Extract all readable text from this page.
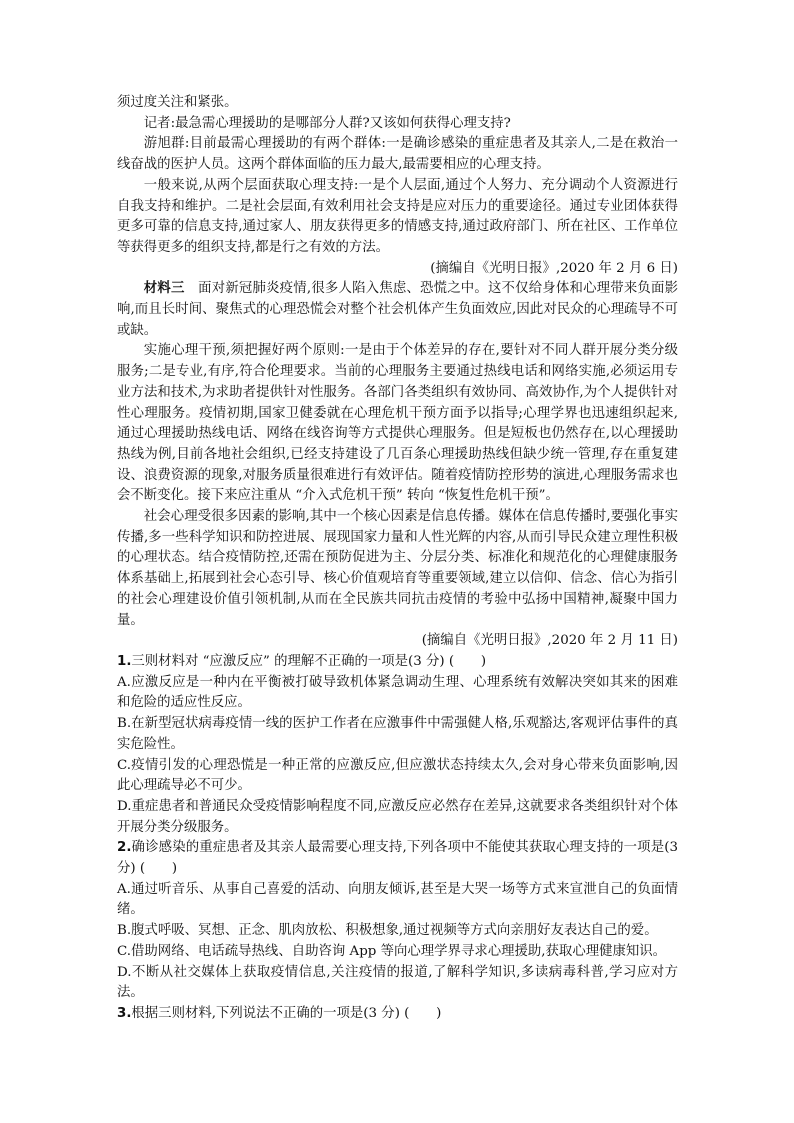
须过度关注和紧张。

记者:最急需心理援助的是哪部分人群?又该如何获得心理支持?

游旭群:目前最需心理援助的有两个群体:一是确诊感染的重症患者及其亲人,二是在救治一线奋战的医护人员。这两个群体面临的压力最大,最需要相应的心理支持。

一般来说,从两个层面获取心理支持:一是个人层面,通过个人努力、充分调动个人资源进行自我支持和维护。二是社会层面,有效利用社会支持是应对压力的重要途径。通过专业团体获得更多可靠的信息支持,通过家人、朋友获得更多的情感支持,通过政府部门、所在社区、工作单位等获得更多的组织支持,都是行之有效的方法。

(摘编自《光明日报》,2020 年 2 月 6 日)

材料三　 面对新冠肺炎疫情,很多人陷入焦虑、恐慌之中。这不仅给身体和心理带来负面影响,而且长时间、聚焦式的心理恐慌会对整个社会机体产生负面效应,因此对民众的心理疏导不可或缺。

实施心理干预,须把握好两个原则:一是由于个体差异的存在,要针对不同人群开展分类分级服务;二是专业,有序,符合伦理要求。当前的心理服务主要通过热线电话和网络实施,必须运用专业方法和技术,为求助者提供针对性服务。各部门各类组织有效协同、高效协作,为个人提供针对性心理服务。疫情初期,国家卫健委就在心理危机干预方面予以指导;心理学界也迅速组织起来,通过心理援助热线电话、网络在线咨询等方式提供心理服务。但是短板也仍然存在,以心理援助热线为例,目前各地社会组织,已经支持建设了几百条心理援助热线但缺少统一管理,存在重复建设、浪费资源的现象,对服务质量很难进行有效评估。随着疫情防控形势的演进,心理服务需求也会不断变化。接下来应注重从 “介入式危机干预” 转向 “恢复性危机干预”。

社会心理受很多因素的影响,其中一个核心因素是信息传播。媒体在信息传播时,要强化事实传播,多一些科学知识和防控进展、展现国家力量和人性光辉的内容,从而引导民众建立理性积极的心理状态。结合疫情防控,还需在预防促进为主、分层分类、标准化和规范化的心理健康服务体系基础上,拓展到社会心态引导、核心价值观培育等重要领域,建立以信仰、信念、信心为指引的社会心理建设价值引领机制,从而在全民族共同抗击疫情的考验中弘扬中国精神,凝聚中国力量。

(摘编自《光明日报》,2020 年 2 月 11 日)

1.三则材料对 “应激反应” 的理解不正确的一项是(3 分) (　　)

A.应激反应是一种内在平衡被打破导致机体紧急调动生理、心理系统有效解决突如其来的困难和危险的适应性反应。

B.在新型冠状病毒疫情一线的医护工作者在应激事件中需强健人格,乐观豁达,客观评估事件的真实危险性。

C.疫情引发的心理恐慌是一种正常的应激反应,但应激状态持续太久,会对身心带来负面影响,因此心理疏导必不可少。

D.重症患者和普通民众受疫情影响程度不同,应激反应必然存在差异,这就要求各类组织针对个体开展分类分级服务。

2.确诊感染的重症患者及其亲人最需要心理支持,下列各项中不能使其获取心理支持的一项是(3 分) (　　)

A.通过听音乐、从事自己喜爱的活动、向朋友倾诉,甚至是大哭一场等方式来宣泄自己的负面情绪。

B.腹式呼吸、冥想、正念、肌肉放松、积极想象,通过视频等方式向亲朋好友表达自己的爱。

C.借助网络、电话疏导热线、自助咨询 App 等向心理学界寻求心理援助,获取心理健康知识。

D.不断从社交媒体上获取疫情信息,关注疫情的报道,了解科学知识,多读病毒科普,学习应对方法。

3.根据三则材料,下列说法不正确的一项是(3 分) (　　)
